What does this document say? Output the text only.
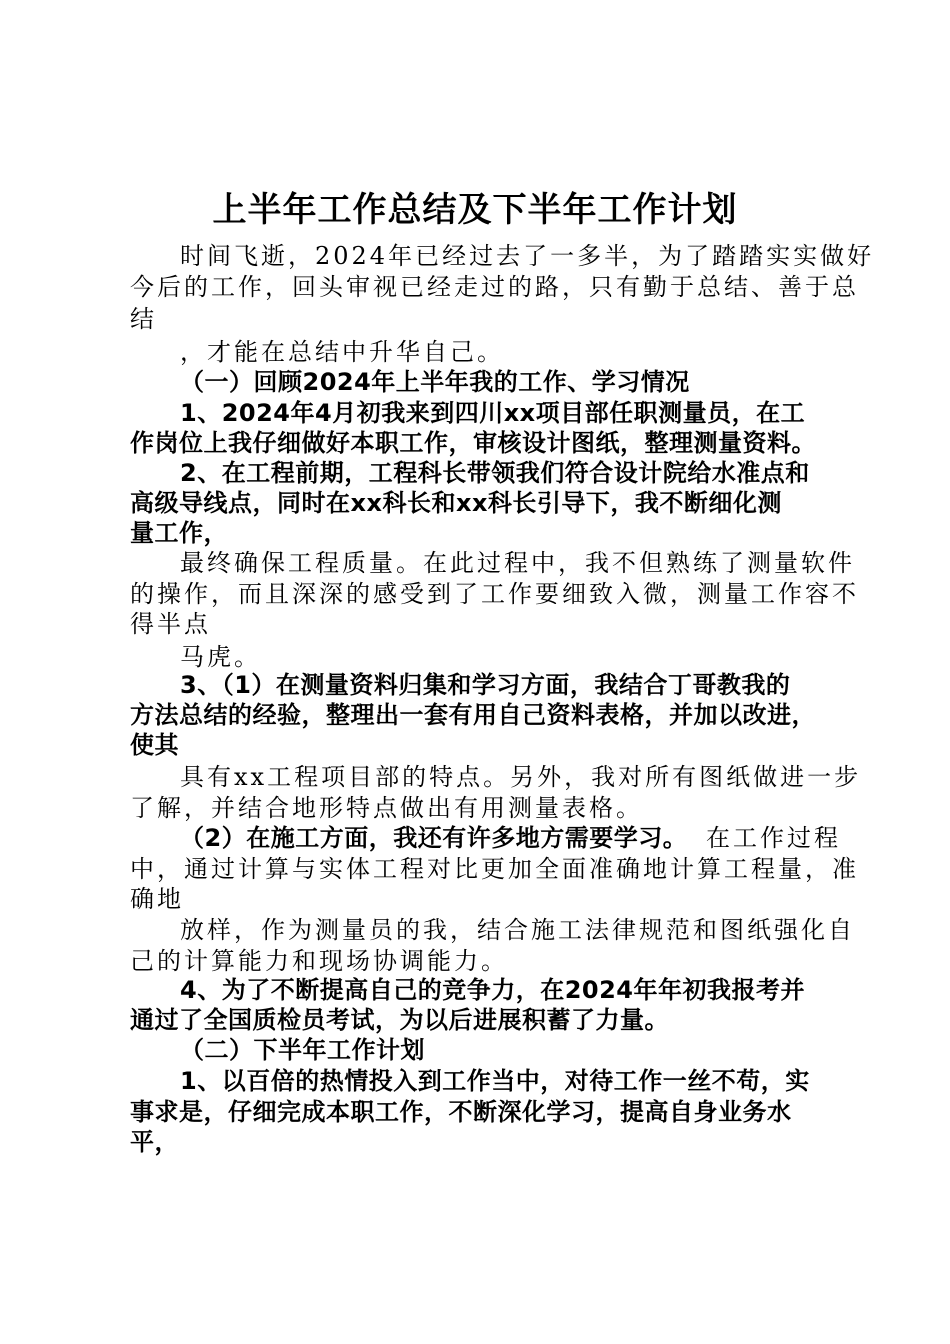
上半年工作总结及下半年工作计划

时间飞逝，2024年已经过去了一多半，为了踏踏实实做好

今后的工作，回头审视已经走过的路，只有勤于总结、善于总

结

，才能在总结中升华自己。

（一）回顾2024年上半年我的工作、学习情况

1、2024年4月初我来到四川xx项目部任职测量员，在工

作岗位上我仔细做好本职工作，审核设计图纸，整理测量资料。

2、在工程前期，工程科长带领我们符合设计院给水准点和

高级导线点，同时在xx科长和xx科长引导下，我不断细化测

量工作，

最终确保工程质量。在此过程中，我不但熟练了测量软件

的操作，而且深深的感受到了工作要细致入微，测量工作容不

得半点

马虎。

3、（1）在测量资料归集和学习方面，我结合丁哥教我的

方法总结的经验，整理出一套有用自己资料表格，并加以改进，

使其

具有xx工程项目部的特点。另外，我对所有图纸做进一步

了解，并结合地形特点做出有用测量表格。

（2）在施工方面，我还有许多地方需要学习。 在工作过程

中，通过计算与实体工程对比更加全面准确地计算工程量，准

确地

放样，作为测量员的我，结合施工法律规范和图纸强化自

己的计算能力和现场协调能力。

4、为了不断提高自己的竞争力，在2024年年初我报考并

通过了全国质检员考试，为以后进展积蓄了力量。

（二）下半年工作计划

1、以百倍的热情投入到工作当中，对待工作一丝不苟，实

事求是，仔细完成本职工作，不断深化学习，提高自身业务水

平，
